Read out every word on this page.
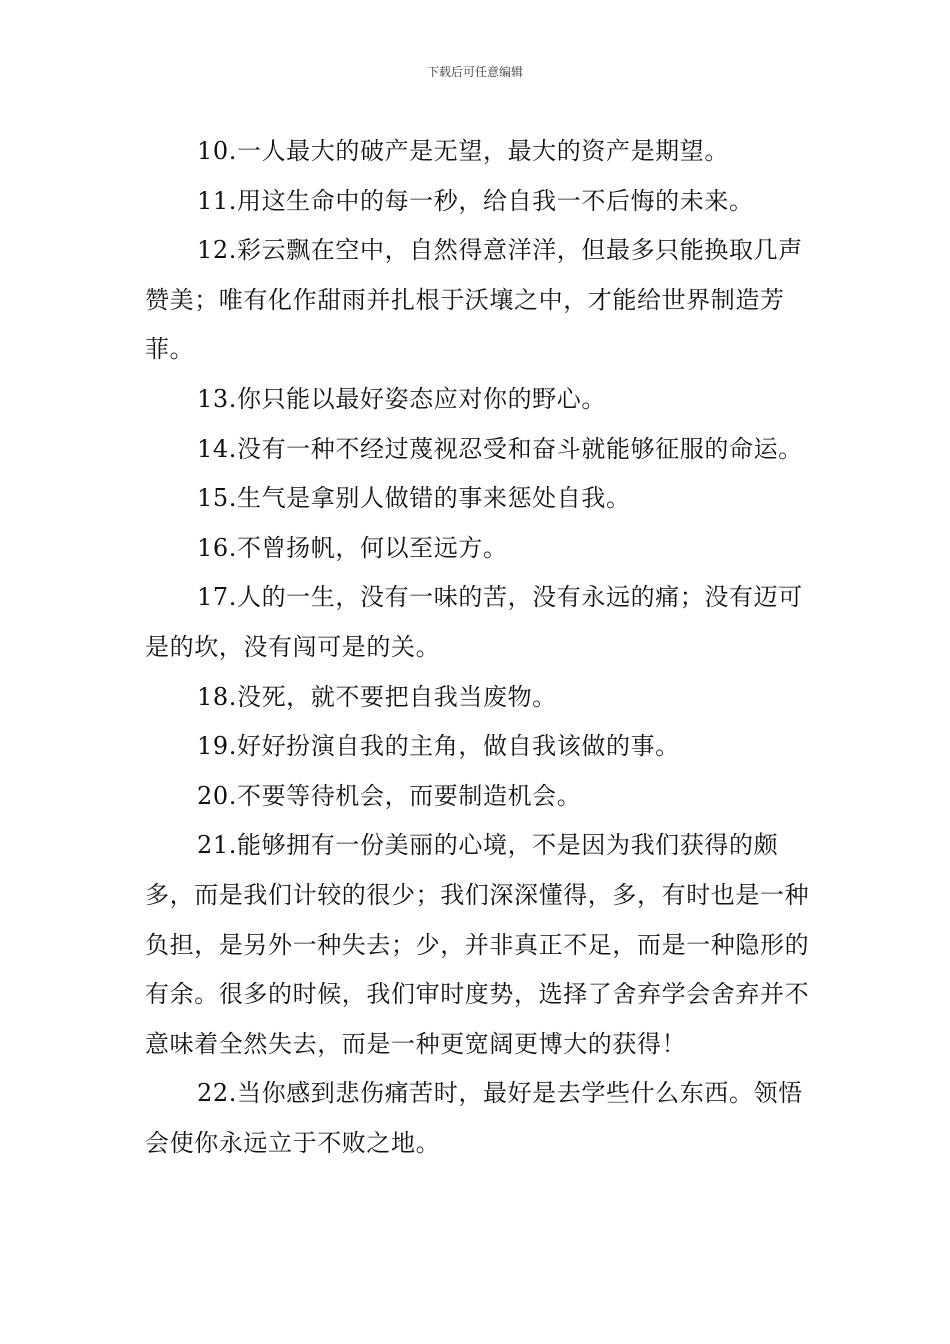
下载后可任意编辑

10.一人最大的破产是无望，最大的资产是期望。

11.用这生命中的每一秒，给自我一不后悔的未来。

12.彩云飘在空中，自然得意洋洋，但最多只能换取几声赞美；唯有化作甜雨并扎根于沃壤之中，才能给世界制造芳菲。

13.你只能以最好姿态应对你的野心。

14.没有一种不经过蔑视忍受和奋斗就能够征服的命运。

15.生气是拿别人做错的事来惩处自我。

16.不曾扬帆，何以至远方。

17.人的一生，没有一味的苦，没有永远的痛；没有迈可是的坎，没有闯可是的关。

18.没死，就不要把自我当废物。

19.好好扮演自我的主角，做自我该做的事。

20.不要等待机会，而要制造机会。

21.能够拥有一份美丽的心境，不是因为我们获得的颇多，而是我们计较的很少；我们深深懂得，多，有时也是一种负担，是另外一种失去；少，并非真正不足，而是一种隐形的有余。很多的时候，我们审时度势，选择了舍弃学会舍弃并不意味着全然失去，而是一种更宽阔更博大的获得！

22.当你感到悲伤痛苦时，最好是去学些什么东西。领悟会使你永远立于不败之地。
